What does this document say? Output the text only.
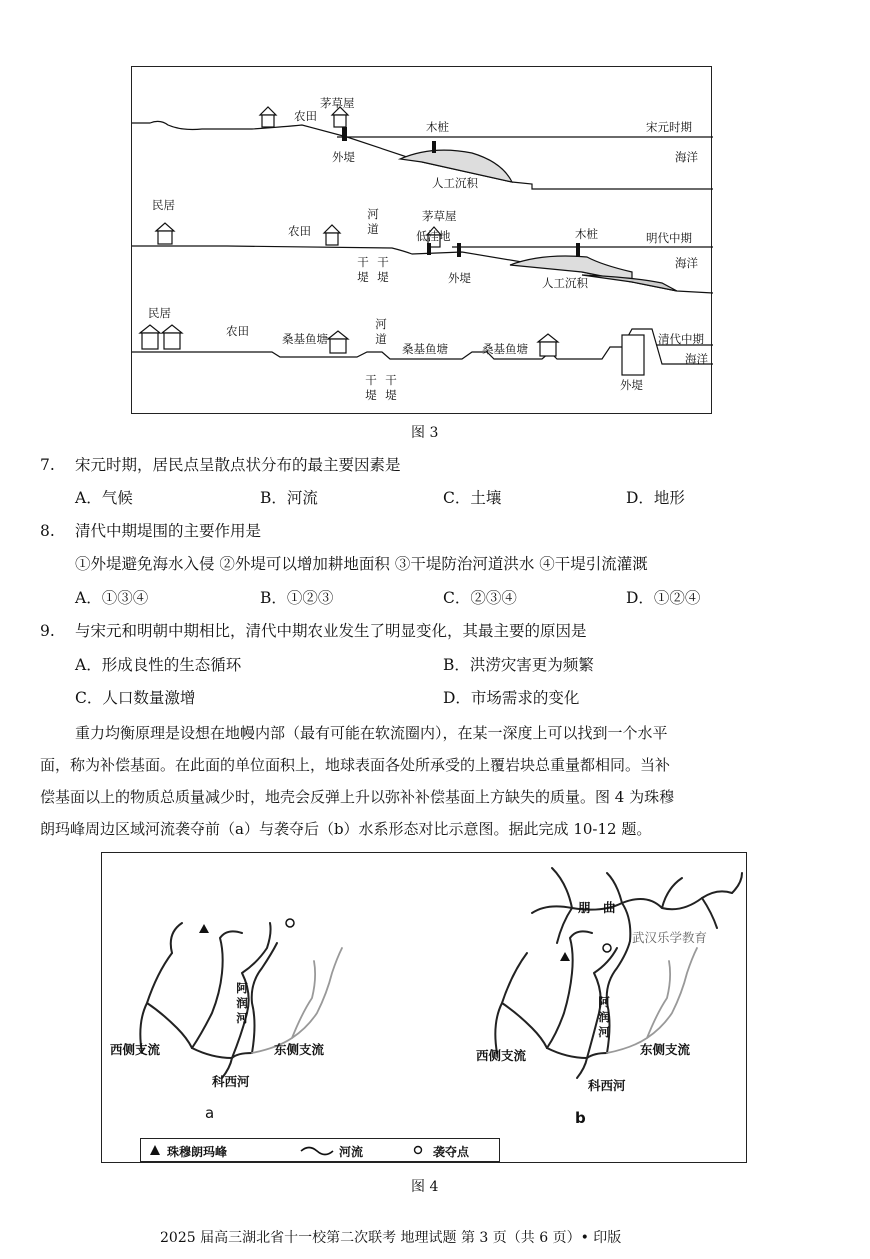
茅草屋
农田
木桩	宋元时期
外堤	海洋
人工沉积
民居
茅草屋
河道
农田	低洼地	木桩	明代中期
干堤
干堤	外堤
海洋
人工沉积
民居
河道
农田
桑基鱼塘
桑基鱼塘	桑基鱼塘
清代中期
海洋
干堤
干堤
外堤
图 3
7. 宋元时期，居民点呈散点状分布的最主要因素是
A．气候	B．河流	C．土壤	D．地形
8. 清代中期堤围的主要作用是
①外堤避免海水入侵 ②外堤可以增加耕地面积 ③干堤防治河道洪水 ④干堤引流灌溉
A．①③④	B．①②③	C．②③④	D．①②④
9. 与宋元和明朝中期相比，清代中期农业发生了明显变化，其最主要的原因是
A．形成良性的生态循环	B．洪涝灾害更为频繁
C．人口数量激增	D．市场需求的变化
重力均衡原理是设想在地幔内部（最有可能在软流圈内），在某一深度上可以找到一个水平
面，称为补偿基面。在此面的单位面积上，地球表面各处所承受的上覆岩块总重量都相同。当补
偿基面以上的物质总质量减少时，地壳会反弹上升以弥补补偿基面上方缺失的质量。图 4 为珠穆
朗玛峰周边区域河流袭夺前（a）与袭夺后（b）水系形态对比示意图。据此完成 10-12 题。
阿
润
河
西侧支流	东侧支流
科西河
a
朋　曲
武汉乐学教育
阿
润
河
西侧支流	东侧支流
科西河
b
珠穆朗玛峰	河流	袭夺点
图 4
2025 届高三湖北省十一校第二次联考 地理试题 第 3 页（共 6 页）• 印版
